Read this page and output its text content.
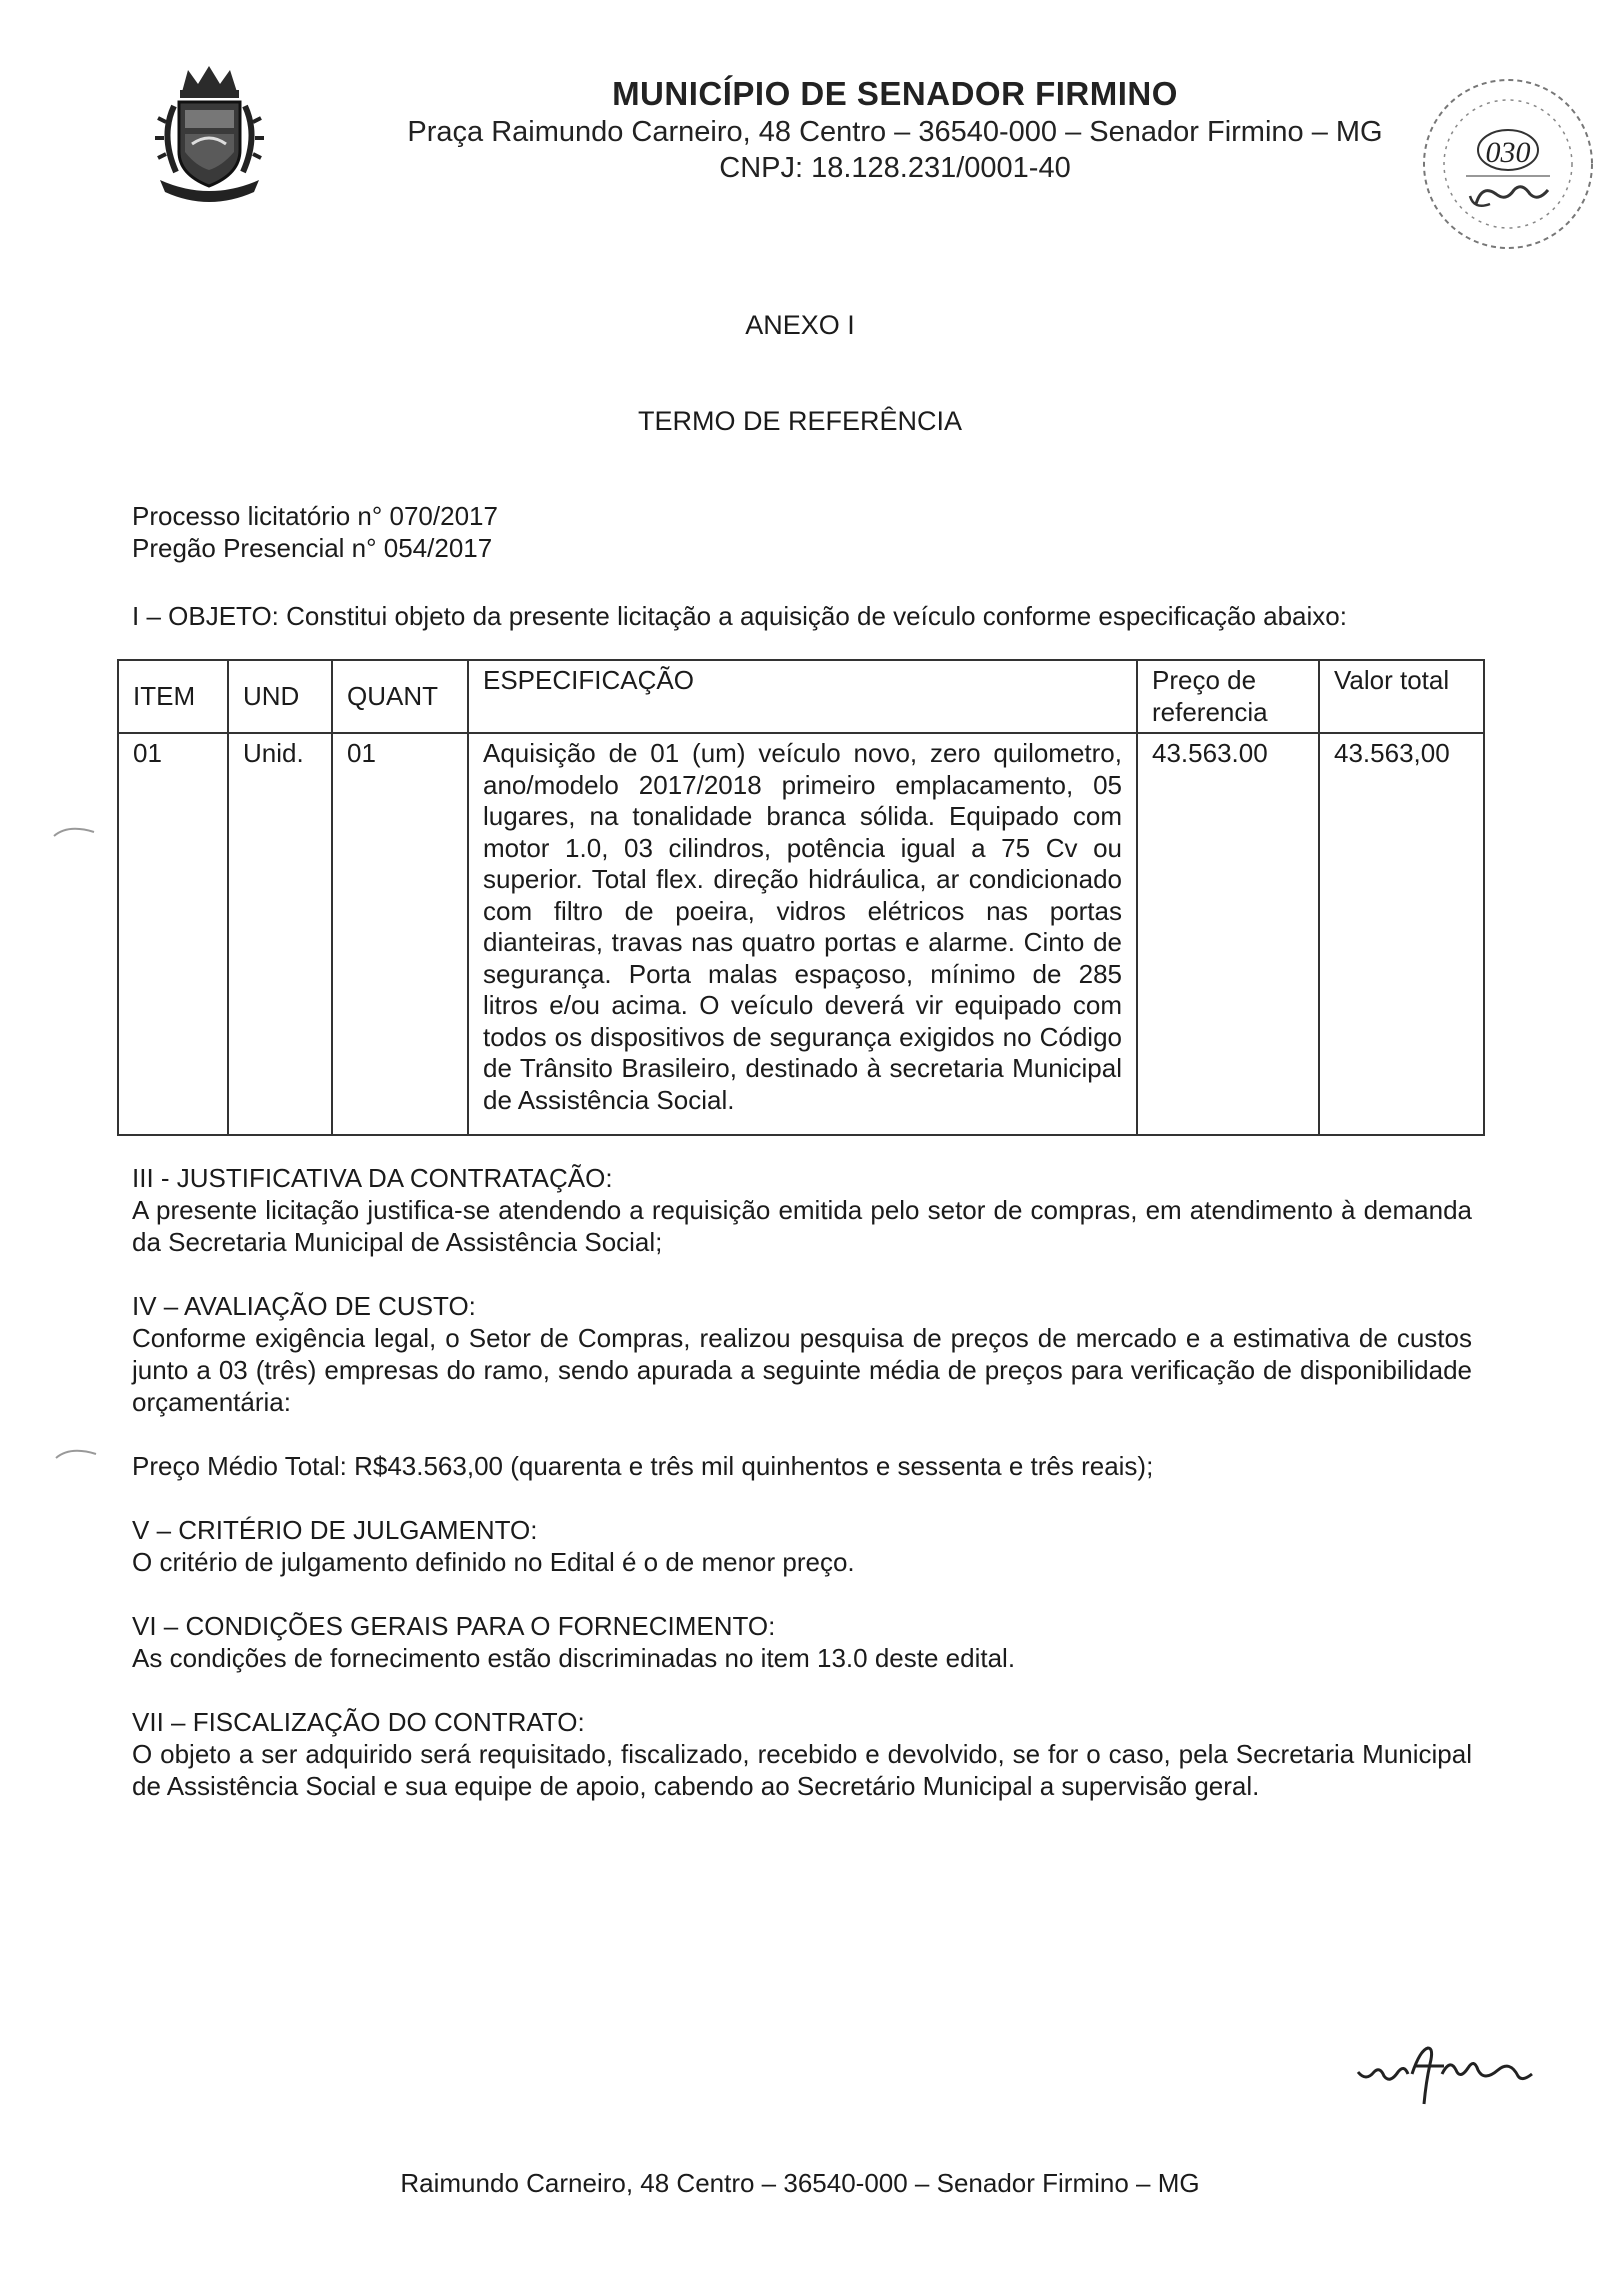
MUNICÍPIO DE SENADOR FIRMINO
Praça Raimundo Carneiro, 48 Centro – 36540-000 – Senador Firmino – MG
CNPJ: 18.128.231/0001-40	030
ANEXO I
TERMO DE REFERÊNCIA
Processo licitatório n° 070/2017
Pregão Presencial n° 054/2017
I – OBJETO: Constitui objeto da presente licitação a aquisição de veículo conforme especificação abaixo:
ITEM	UND	QUANT	ESPECIFICAÇÃO	Preço de referencia	Valor total
01	Unid.	01	Aquisição de 01 (um) veículo novo, zero quilometro, ano/modelo 2017/2018 primeiro emplacamento, 05 lugares, na tonalidade branca sólida. Equipado com motor 1.0, 03 cilindros, potência igual a 75 Cv ou superior. Total flex. direção hidráulica, ar condicionado com filtro de poeira, vidros elétricos nas portas dianteiras, travas nas quatro portas e alarme. Cinto de segurança. Porta malas espaçoso, mínimo de 285 litros e/ou acima. O veículo deverá vir equipado com todos os dispositivos de segurança exigidos no Código de Trânsito Brasileiro, destinado à secretaria Municipal de Assistência Social.	43.563.00	43.563,00
III - JUSTIFICATIVA DA CONTRATAÇÃO:
A presente licitação justifica-se atendendo a requisição emitida pelo setor de compras, em atendimento à demanda da Secretaria Municipal de Assistência Social;
IV – AVALIAÇÃO DE CUSTO:
Conforme exigência legal, o Setor de Compras, realizou pesquisa de preços de mercado e a estimativa de custos junto a 03 (três) empresas do ramo, sendo apurada a seguinte média de preços para verificação de disponibilidade orçamentária:
Preço Médio Total: R$43.563,00 (quarenta e três mil quinhentos e sessenta e três reais);
V – CRITÉRIO DE JULGAMENTO:
O critério de julgamento definido no Edital é o de menor preço.
VI – CONDIÇÕES GERAIS PARA O FORNECIMENTO:
As condições de fornecimento estão discriminadas no item 13.0 deste edital.
VII – FISCALIZAÇÃO DO CONTRATO:
O objeto a ser adquirido será requisitado, fiscalizado, recebido e devolvido, se for o caso, pela Secretaria Municipal de Assistência Social e sua equipe de apoio, cabendo ao Secretário Municipal a supervisão geral.
Raimundo Carneiro, 48 Centro – 36540-000 – Senador Firmino – MG
